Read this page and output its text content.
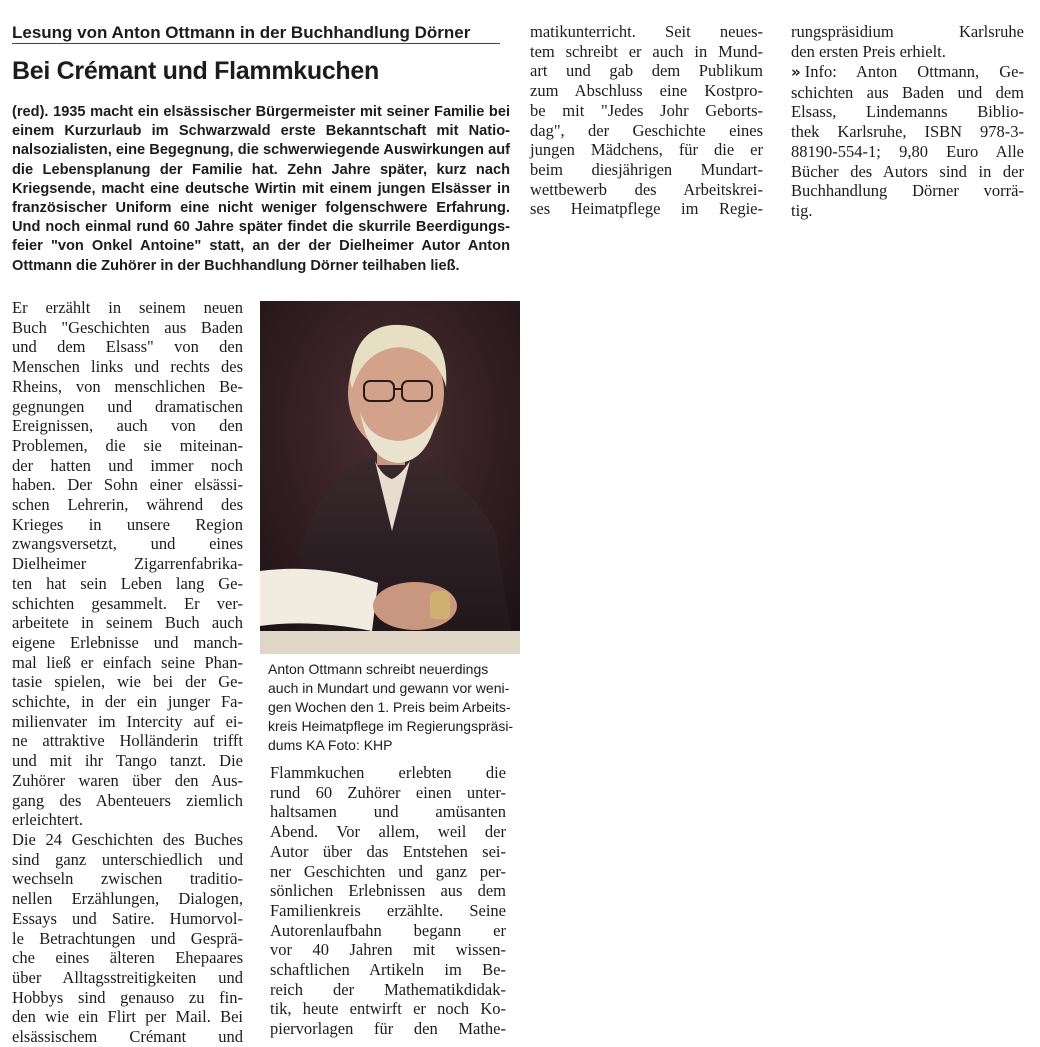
Lesung von Anton Ottmann in der Buchhandlung Dörner
Bei Crémant und Flammkuchen
(red). 1935 macht ein elsässischer Bürgermeister mit seiner Familie bei einem Kurzurlaub im Schwarzwald erste Bekanntschaft mit Nationalsozialisten, eine Begegnung, die schwerwiegende Auswirkungen auf die Lebensplanung der Familie hat. Zehn Jahre später, kurz nach Kriegsende, macht eine deutsche Wirtin mit einem jungen Elsässer in französischer Uniform eine nicht weniger folgenschwere Erfahrung. Und noch einmal rund 60 Jahre später findet die skurrile Beerdigungsfeier "von Onkel Antoine" statt, an der der Dielheimer Autor Anton Ottmann die Zuhörer in der Buchhandlung Dörner teilhaben ließ.
Er erzählt in seinem neuen
Buch "Geschichten aus Baden
und dem Elsass" von den
Menschen links und rechts des
Rheins, von menschlichen Be-
gegnungen und dramatischen
Ereignissen, auch von den
Problemen, die sie miteinan-
der hatten und immer noch
haben. Der Sohn einer elsässi-
schen Lehrerin, während des
Krieges in unsere Region
zwangsversetzt, und eines
Dielheimer Zigarrenfabrika-
ten hat sein Leben lang Ge-
schichten gesammelt. Er ver-
arbeitete in seinem Buch auch
eigene Erlebnisse und manch-
mal ließ er einfach seine Phan-
tasie spielen, wie bei der Ge-
schichte, in der ein junger Fa-
milienvater im Intercity auf ei-
ne attraktive Holländerin trifft
und mit ihr Tango tanzt. Die
Zuhörer waren über den Aus-
gang des Abenteuers ziemlich
erleichtert.
Die 24 Geschichten des Buches
sind ganz unterschiedlich und
wechseln zwischen traditio-
nellen Erzählungen, Dialogen,
Essays und Satire. Humorvol-
le Betrachtungen und Gesprä-
che eines älteren Ehepaares
über Alltagsstreitigkeiten und
Hobbys sind genauso zu fin-
den wie ein Flirt per Mail. Bei
elsässischem Crémant und
Anton Ottmann schreibt neuerdings
auch in Mundart und gewann vor weni-
gen Wochen den 1. Preis beim Arbeits-
kreis Heimatpflege im Regierungspräsi-
dums KA Foto: KHP
Flammkuchen erlebten die
rund 60 Zuhörer einen unter-
haltsamen und amüsanten
Abend. Vor allem, weil der
Autor über das Entstehen sei-
ner Geschichten und ganz per-
sönlichen Erlebnissen aus dem
Familienkreis erzählte. Seine
Autorenlaufbahn begann er
vor 40 Jahren mit wissen-
schaftlichen Artikeln im Be-
reich der Mathematikdidak-
tik, heute entwirft er noch Ko-
piervorlagen für den Mathe-
matikunterricht. Seit neues-
tem schreibt er auch in Mund-
art und gab dem Publikum
zum Abschluss eine Kostpro-
be mit "Jedes Johr Geborts-
dag", der Geschichte eines
jungen Mädchens, für die er
beim diesjährigen Mundart-
wettbewerb des Arbeitskrei-
ses Heimatpflege im Regie-
rungspräsidium Karlsruhe
den ersten Preis erhielt.
» Info: Anton Ottmann, Ge-
schichten aus Baden und dem
Elsass, Lindemanns Biblio-
thek Karlsruhe, ISBN 978-3-
88190-554-1; 9,80 Euro Alle
Bücher des Autors sind in der
Buchhandlung Dörner vorrä-
tig.
